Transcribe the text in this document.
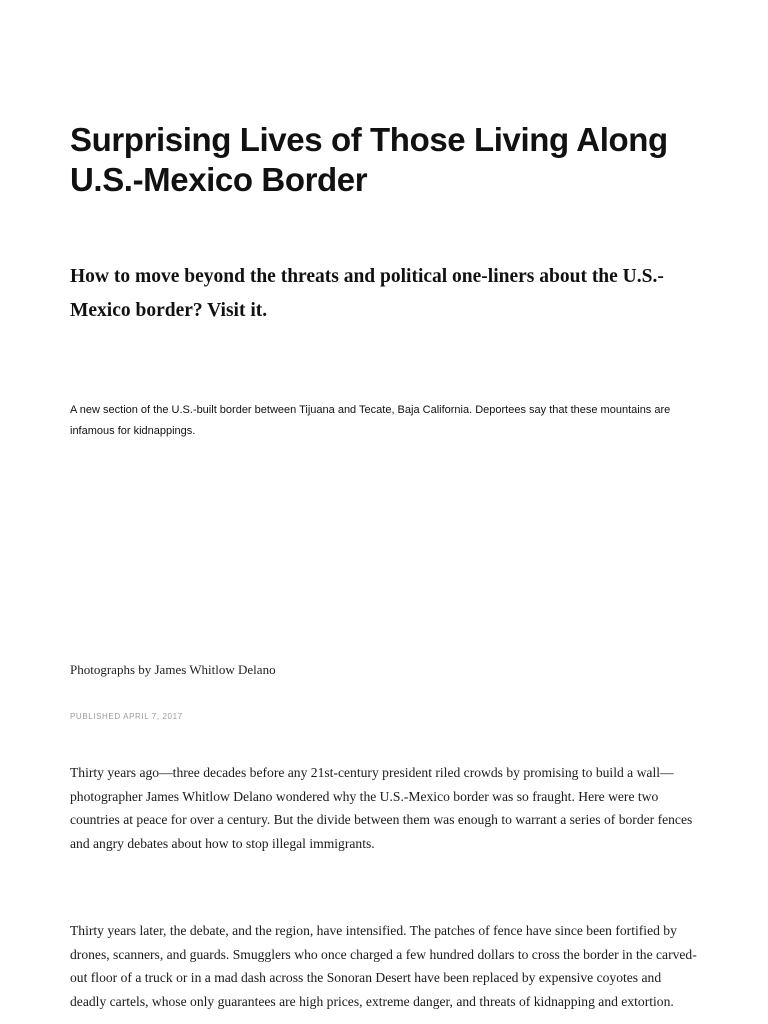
Surprising Lives of Those Living Along U.S.-Mexico Border
How to move beyond the threats and political one-liners about the U.S.-Mexico border? Visit it.

A new section of the U.S.-built border between Tijuana and Tecate, Baja California. Deportees say that these mountains are infamous for kidnappings.

Photographs by James Whitlow Delano

PUBLISHED APRIL 7, 2017

Thirty years ago—three decades before any 21st-century president riled crowds by promising to build a wall—photographer James Whitlow Delano wondered why the U.S.-Mexico border was so fraught. Here were two countries at peace for over a century. But the divide between them was enough to warrant a series of border fences and angry debates about how to stop illegal immigrants.

Thirty years later, the debate, and the region, have intensified. The patches of fence have since been fortified by drones, scanners, and guards. Smugglers who once charged a few hundred dollars to cross the border in the carved-out floor of a truck or in a mad dash across the Sonoran Desert have been replaced by expensive coyotes and deadly cartels, whose only guarantees are high prices, extreme danger, and threats of kidnapping and extortion.
